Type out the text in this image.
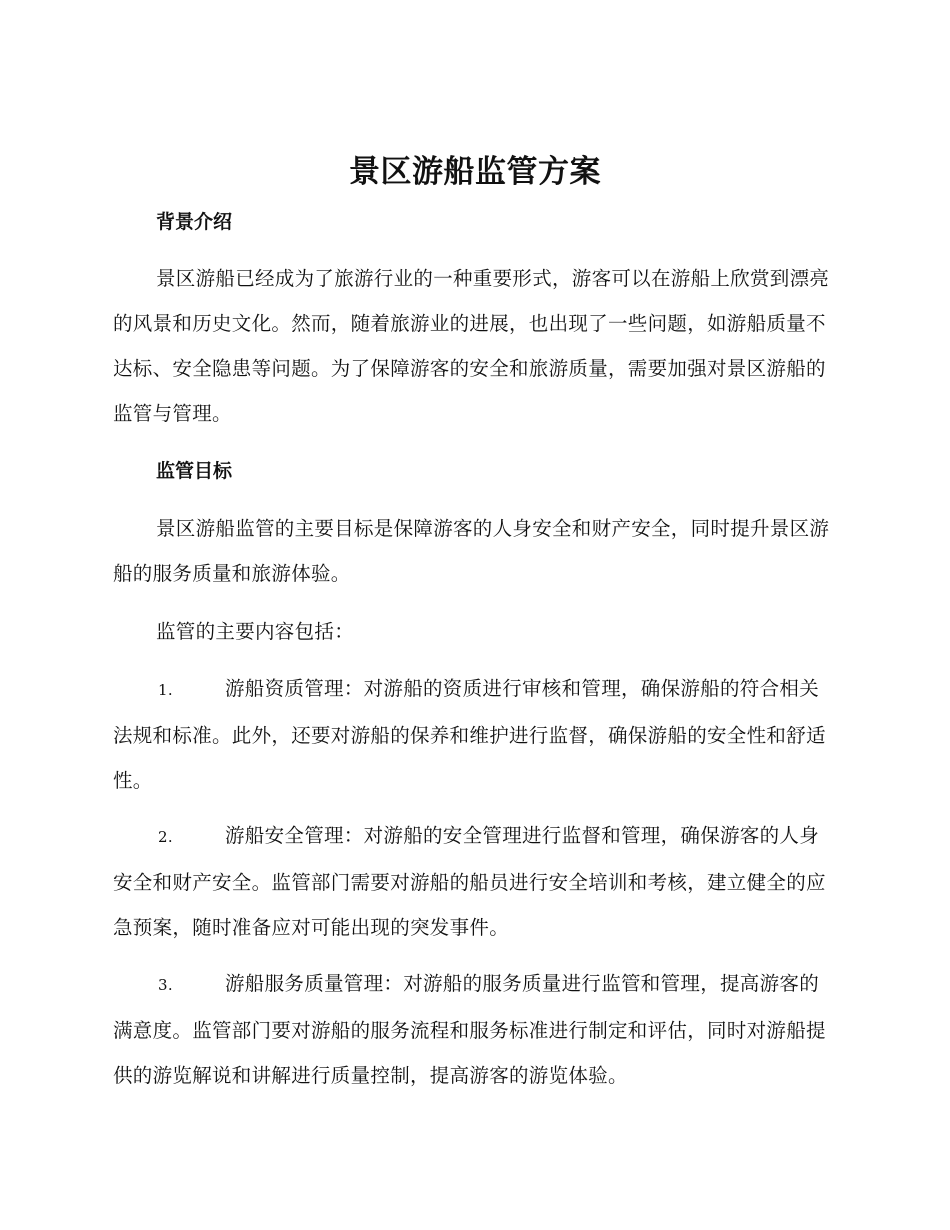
景区游船监管方案
背景介绍
景区游船已经成为了旅游行业的一种重要形式，游客可以在游船上欣赏到漂亮的风景和历史文化。然而，随着旅游业的进展，也出现了一些问题，如游船质量不达标、安全隐患等问题。为了保障游客的安全和旅游质量，需要加强对景区游船的监管与管理。
监管目标
景区游船监管的主要目标是保障游客的人身安全和财产安全，同时提升景区游船的服务质量和旅游体验。
监管的主要内容包括：
1.	游船资质管理：对游船的资质进行审核和管理，确保游船的符合相关法规和标准。此外，还要对游船的保养和维护进行监督，确保游船的安全性和舒适性。
2.	游船安全管理：对游船的安全管理进行监督和管理，确保游客的人身安全和财产安全。监管部门需要对游船的船员进行安全培训和考核，建立健全的应急预案，随时准备应对可能出现的突发事件。
3.	游船服务质量管理：对游船的服务质量进行监管和管理，提高游客的满意度。监管部门要对游船的服务流程和服务标准进行制定和评估，同时对游船提供的游览解说和讲解进行质量控制，提高游客的游览体验。
